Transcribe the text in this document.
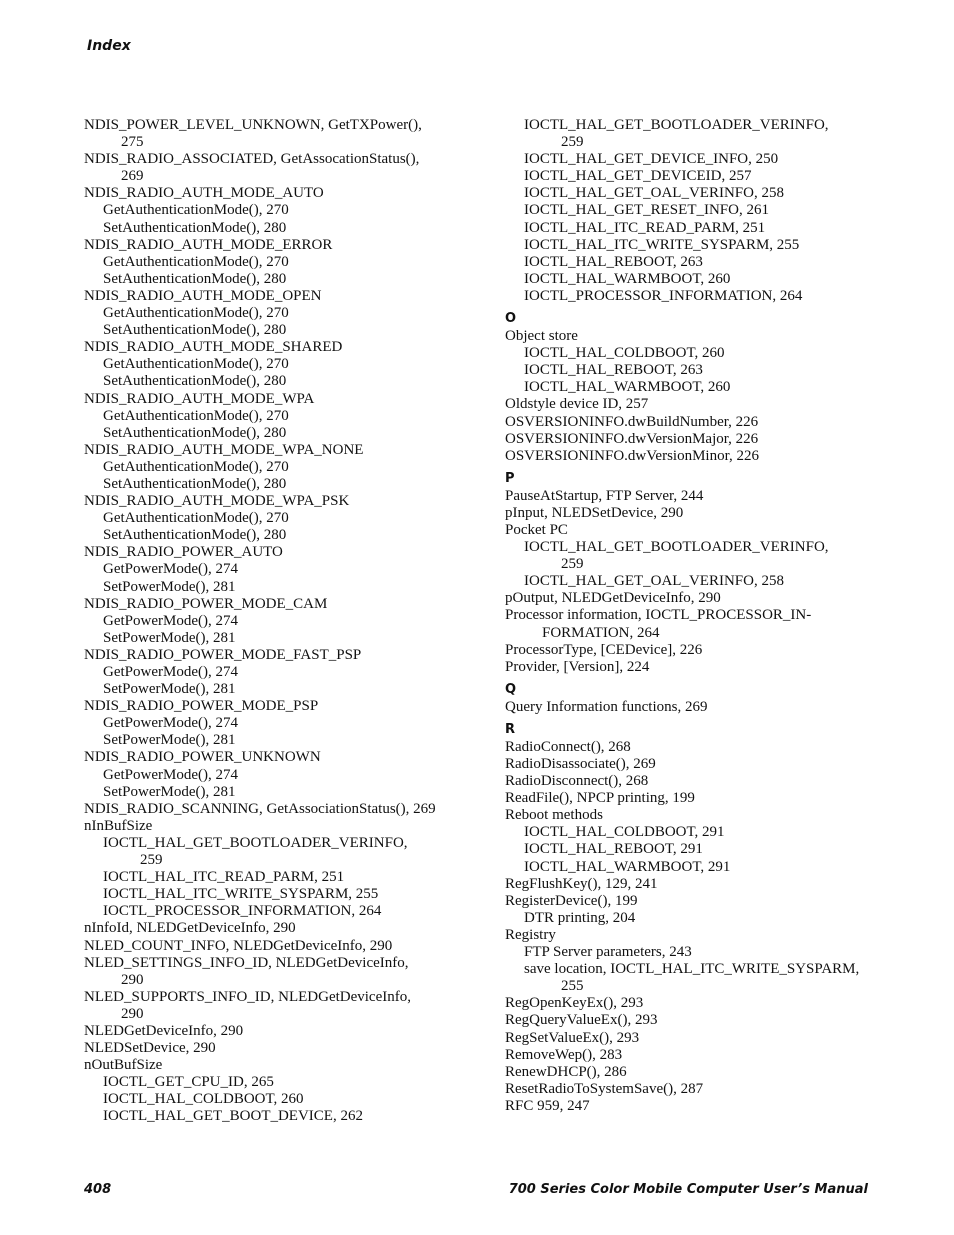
Index
NDIS_POWER_LEVEL_UNKNOWN, GetTXPower(),
275
NDIS_RADIO_ASSOCIATED, GetAssocationStatus(),
269
NDIS_RADIO_AUTH_MODE_AUTO
GetAuthenticationMode(), 270
SetAuthenticationMode(), 280
NDIS_RADIO_AUTH_MODE_ERROR
GetAuthenticationMode(), 270
SetAuthenticationMode(), 280
NDIS_RADIO_AUTH_MODE_OPEN
GetAuthenticationMode(), 270
SetAuthenticationMode(), 280
NDIS_RADIO_AUTH_MODE_SHARED
GetAuthenticationMode(), 270
SetAuthenticationMode(), 280
NDIS_RADIO_AUTH_MODE_WPA
GetAuthenticationMode(), 270
SetAuthenticationMode(), 280
NDIS_RADIO_AUTH_MODE_WPA_NONE
GetAuthenticationMode(), 270
SetAuthenticationMode(), 280
NDIS_RADIO_AUTH_MODE_WPA_PSK
GetAuthenticationMode(), 270
SetAuthenticationMode(), 280
NDIS_RADIO_POWER_AUTO
GetPowerMode(), 274
SetPowerMode(), 281
NDIS_RADIO_POWER_MODE_CAM
GetPowerMode(), 274
SetPowerMode(), 281
NDIS_RADIO_POWER_MODE_FAST_PSP
GetPowerMode(), 274
SetPowerMode(), 281
NDIS_RADIO_POWER_MODE_PSP
GetPowerMode(), 274
SetPowerMode(), 281
NDIS_RADIO_POWER_UNKNOWN
GetPowerMode(), 274
SetPowerMode(), 281
NDIS_RADIO_SCANNING, GetAssociationStatus(), 269
nInBufSize
IOCTL_HAL_GET_BOOTLOADER_VERINFO,
259
IOCTL_HAL_ITC_READ_PARM, 251
IOCTL_HAL_ITC_WRITE_SYSPARM, 255
IOCTL_PROCESSOR_INFORMATION, 264
nInfoId, NLEDGetDeviceInfo, 290
NLED_COUNT_INFO, NLEDGetDeviceInfo, 290
NLED_SETTINGS_INFO_ID, NLEDGetDeviceInfo,
290
NLED_SUPPORTS_INFO_ID, NLEDGetDeviceInfo,
290
NLEDGetDeviceInfo, 290
NLEDSetDevice, 290
nOutBufSize
IOCTL_GET_CPU_ID, 265
IOCTL_HAL_COLDBOOT, 260
IOCTL_HAL_GET_BOOT_DEVICE, 262
IOCTL_HAL_GET_BOOTLOADER_VERINFO,
259
IOCTL_HAL_GET_DEVICE_INFO, 250
IOCTL_HAL_GET_DEVICEID, 257
IOCTL_HAL_GET_OAL_VERINFO, 258
IOCTL_HAL_GET_RESET_INFO, 261
IOCTL_HAL_ITC_READ_PARM, 251
IOCTL_HAL_ITC_WRITE_SYSPARM, 255
IOCTL_HAL_REBOOT, 263
IOCTL_HAL_WARMBOOT, 260
IOCTL_PROCESSOR_INFORMATION, 264
O
Object store
IOCTL_HAL_COLDBOOT, 260
IOCTL_HAL_REBOOT, 263
IOCTL_HAL_WARMBOOT, 260
Oldstyle device ID, 257
OSVERSIONINFO.dwBuildNumber, 226
OSVERSIONINFO.dwVersionMajor, 226
OSVERSIONINFO.dwVersionMinor, 226
P
PauseAtStartup, FTP Server, 244
pInput, NLEDSetDevice, 290
Pocket PC
IOCTL_HAL_GET_BOOTLOADER_VERINFO,
259
IOCTL_HAL_GET_OAL_VERINFO, 258
pOutput, NLEDGetDeviceInfo, 290
Processor information, IOCTL_PROCESSOR_IN-
FORMATION, 264
ProcessorType, [CEDevice], 226
Provider, [Version], 224
Q
Query Information functions, 269
R
RadioConnect(), 268
RadioDisassociate(), 269
RadioDisconnect(), 268
ReadFile(), NPCP printing, 199
Reboot methods
IOCTL_HAL_COLDBOOT, 291
IOCTL_HAL_REBOOT, 291
IOCTL_HAL_WARMBOOT, 291
RegFlushKey(), 129, 241
RegisterDevice(), 199
DTR printing, 204
Registry
FTP Server parameters, 243
save location, IOCTL_HAL_ITC_WRITE_SYSPARM,
255
RegOpenKeyEx(), 293
RegQueryValueEx(), 293
RegSetValueEx(), 293
RemoveWep(), 283
RenewDHCP(), 286
ResetRadioToSystemSave(), 287
RFC 959, 247
408	700 Series Color Mobile Computer User’s Manual
